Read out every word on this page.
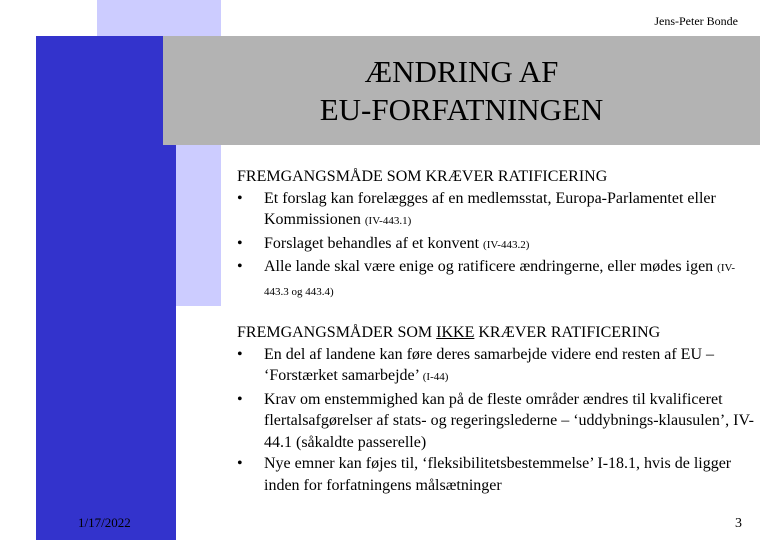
Jens-Peter Bonde
ÆNDRING AF
EU-FORFATNINGEN

FREMGANGSMÅDE SOM KRÆVER RATIFICERING

•	Et forslag kan forelægges af en medlemsstat, Europa-Parlamentet eller Kommissionen (IV-443.1)
•	Forslaget behandles af et konvent (IV-443.2)
•	Alle lande skal være enige og ratificere ændringerne, eller mødes igen (IV-443.3 og 443.4)

FREMGANGSMÅDER SOM IKKE KRÆVER RATIFICERING

•	En del af landene kan føre deres samarbejde videre end resten af EU – ‘Forstærket samarbejde’ (I-44)
•	Krav om enstemmighed kan på de fleste områder ændres til kvalificeret flertalsafgørelser af stats- og regeringslederne – ‘uddybnings-klausulen’, IV-44.1 (såkaldte passerelle)
•	Nye emner kan føjes til, ‘fleksibilitetsbestemmelse’ I-18.1, hvis de ligger inden for forfatningens målsætninger
1/17/2022	3
